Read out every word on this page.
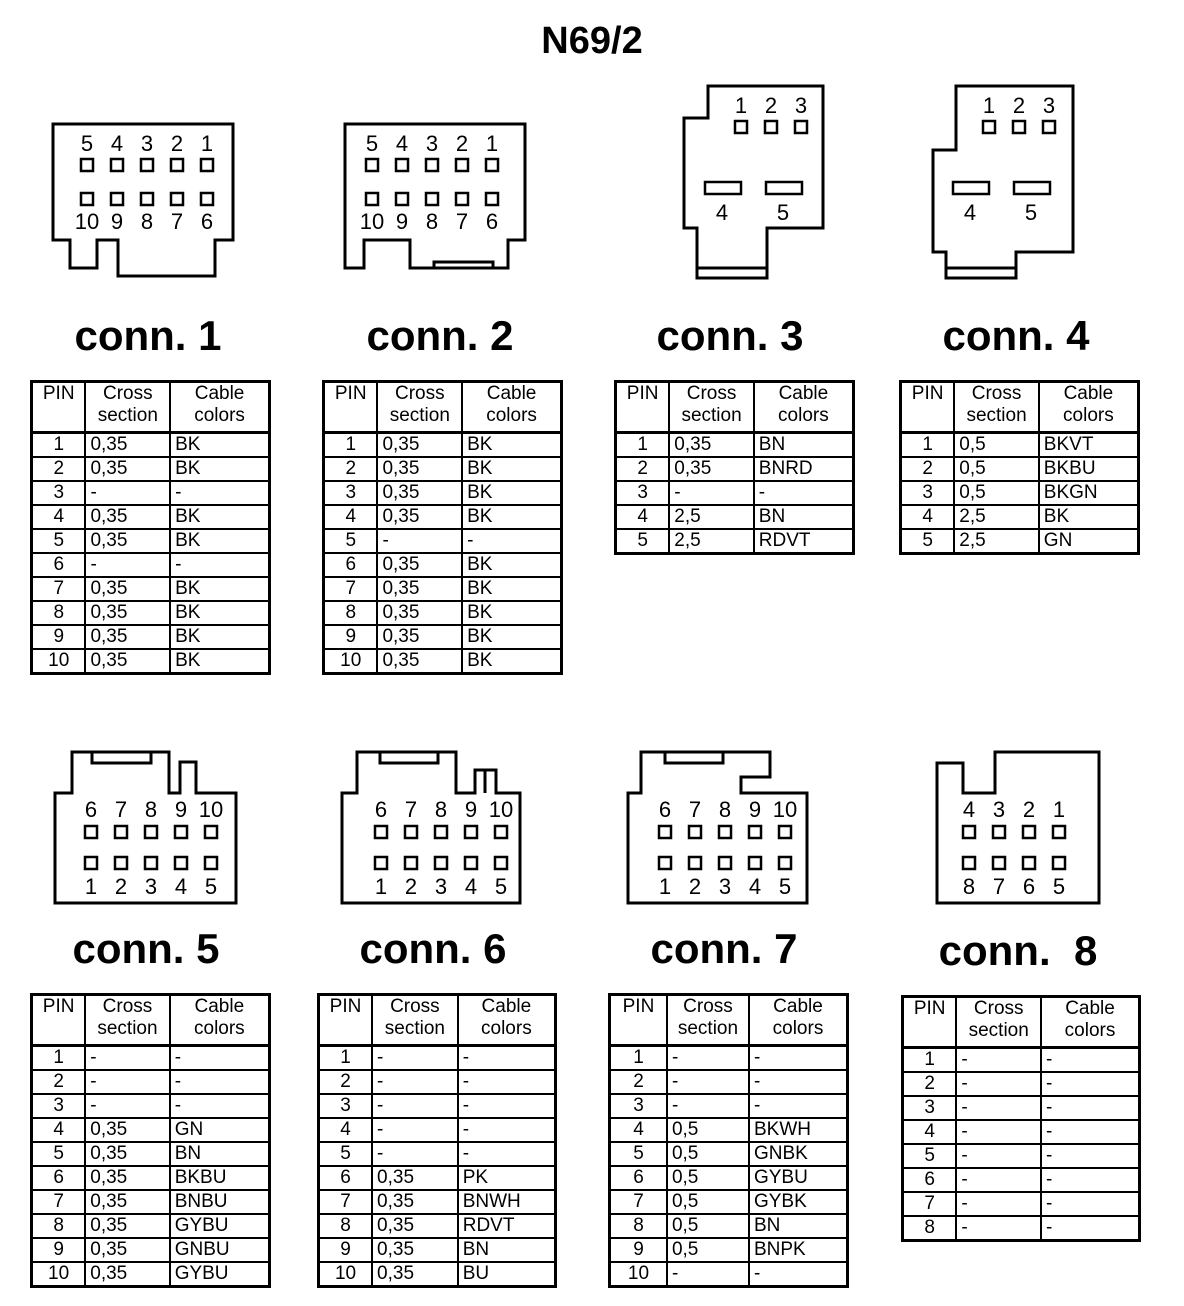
N69/2
5 4 3 2 1
10 9 8 7 6
5 4 3 2 1
10 9 8 7 6
6 7 8 9 10
1 2 3 4 5
6 7 8 9 10
1 2 3 4 5
6 7 8 9 10
1 2 3 4 5
4 3 2 1
8 7 6 5
1 2 3
4 5
1 2 3
4 5
conn. 1	conn. 2	conn. 3	conn. 4
conn. 5	conn. 6	conn. 7	conn.  8
PIN	Cross section	Cable colors
1	0,35	BK
2	0,35	BK
3	-	-
4	0,35	BK
5	0,35	BK
6	-	-
7	0,35	BK
8	0,35	BK
9	0,35	BK
10	0,35	BK
PIN	Cross section	Cable colors
1	0,35	BK
2	0,35	BK
3	0,35	BK
4	0,35	BK
5	-	-
6	0,35	BK
7	0,35	BK
8	0,35	BK
9	0,35	BK
10	0,35	BK
PIN	Cross section	Cable colors
1	0,35	BN
2	0,35	BNRD
3	-	-
4	2,5	BN
5	2,5	RDVT
PIN	Cross section	Cable colors
1	0,5	BKVT
2	0,5	BKBU
3	0,5	BKGN
4	2,5	BK
5	2,5	GN
PIN	Cross section	Cable colors
1	-	-
2	-	-
3	-	-
4	0,35	GN
5	0,35	BN
6	0,35	BKBU
7	0,35	BNBU
8	0,35	GYBU
9	0,35	GNBU
10	0,35	GYBU
PIN	Cross section	Cable colors
1	-	-
2	-	-
3	-	-
4	-	-
5	-	-
6	0,35	PK
7	0,35	BNWH
8	0,35	RDVT
9	0,35	BN
10	0,35	BU
PIN	Cross section	Cable colors
1	-	-
2	-	-
3	-	-
4	0,5	BKWH
5	0,5	GNBK
6	0,5	GYBU
7	0,5	GYBK
8	0,5	BN
9	0,5	BNPK
10	-	-
PIN	Cross section	Cable colors
1	-	-
2	-	-
3	-	-
4	-	-
5	-	-
6	-	-
7	-	-
8	-	-
